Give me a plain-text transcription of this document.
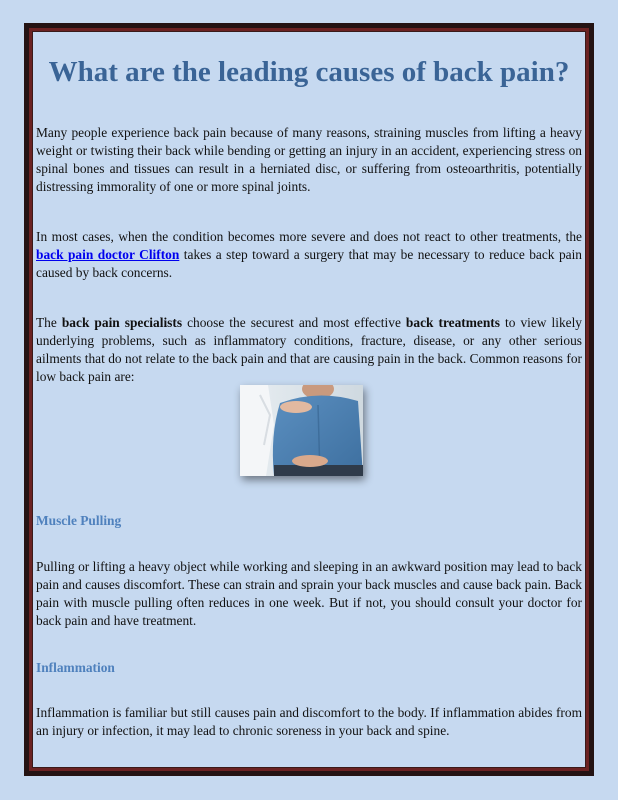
What are the leading causes of back pain?

Many people experience back pain because of many reasons, straining muscles from lifting a heavy weight or twisting their back while bending or getting an injury in an accident, experiencing stress on spinal bones and tissues can result in a herniated disc, or suffering from osteoarthritis, potentially distressing immorality of one or more spinal joints.

In most cases, when the condition becomes more severe and does not react to other treatments, the back pain doctor Clifton takes a step toward a surgery that may be necessary to reduce back pain caused by back concerns.

The back pain specialists choose the securest and most effective back treatments to view likely underlying problems, such as inflammatory conditions, fracture, disease, or any other serious ailments that do not relate to the back pain and that are causing pain in the back. Common reasons for low back pain are:

Muscle Pulling

Pulling or lifting a heavy object while working and sleeping in an awkward position may lead to back pain and causes discomfort. These can strain and sprain your back muscles and cause back pain. Back pain with muscle pulling often reduces in one week. But if not, you should consult your doctor for back pain and have treatment.

Inflammation

Inflammation is familiar but still causes pain and discomfort to the body. If inflammation abides from an injury or infection, it may lead to chronic soreness in your back and spine.
